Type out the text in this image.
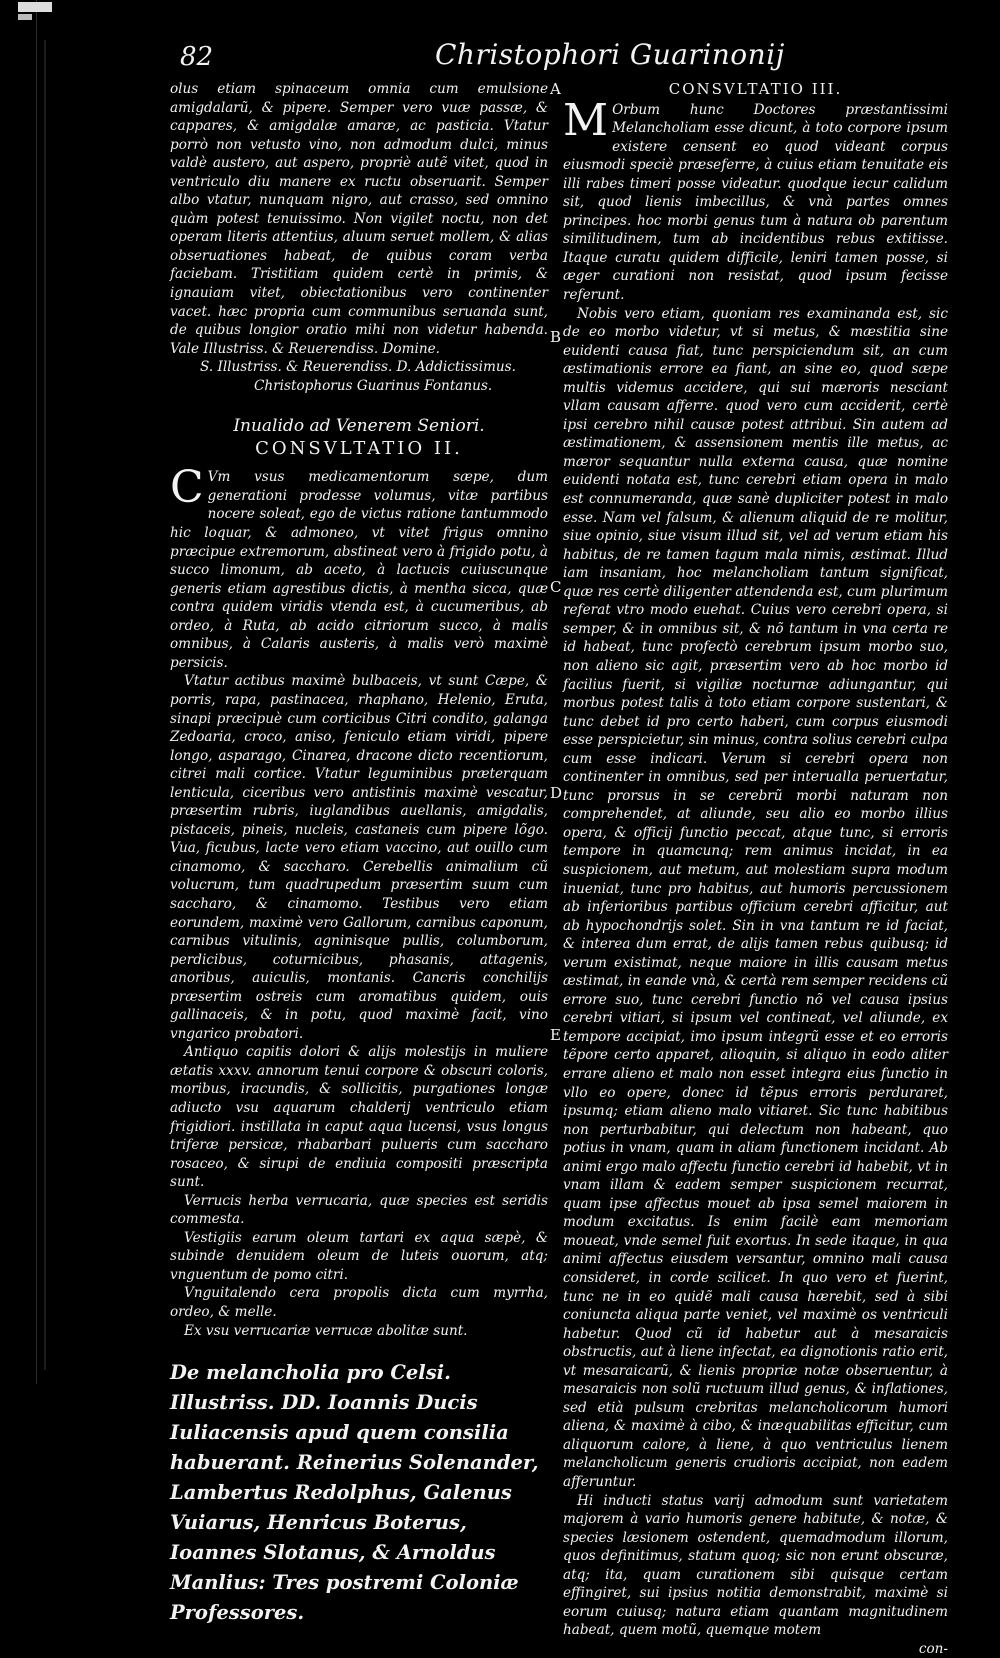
82	Christophori Guarinonij
A
B
C
D
E

olus etiam spinaceum omnia cum emulsione amigdalarũ, & pipere. Semper vero vuæ passæ, & cappares, & amigdalæ amaræ, ac pasticia. Vtatur porrò non vetusto vino, non admodum dulci, minus valdè austero, aut aspero, propriè autẽ vitet, quod in ventriculo diu manere ex ructu obseruarit. Semper albo vtatur, nunquam nigro, aut crasso, sed omnino quàm potest tenuissimo. Non vigilet noctu, non det operam literis attentius, aluum seruet mollem, & alias obseruationes habeat, de quibus coram verba faciebam. Tristitiam quidem certè in primis, & ignauiam vitet, obiectationibus vero continenter vacet. hæc propria cum communibus seruanda sunt, de quibus longior oratio mihi non videtur habenda. Vale Illustriss. & Reuerendiss. Domine.

S. Illustriss. & Reuerendiss. D. Addictissimus.

Christophorus Guarinus Fontanus.

Inualido ad Venerem Seniori.

CONSVLTATIO II.

C Vm vsus medicamentorum sæpe, dum generationi prodesse volumus, vitæ partibus nocere soleat, ego de victus ratione tantummodo hic loquar, & admoneo, vt vitet frigus omnino præcipue extremorum, abstineat vero à frigido potu, à succo limonum, ab aceto, à lactucis cuiuscunque generis etiam agrestibus dictis, à mentha sicca, quæ contra quidem viridis vtenda est, à cucumeribus, ab ordeo, à Ruta, ab acido citriorum succo, à malis omnibus, à Calaris austeris, à malis verò maximè persicis.

Vtatur actibus maximè bulbaceis, vt sunt Cæpe, & porris, rapa, pastinacea, rhaphano, Helenio, Eruta, sinapi præcipuè cum corticibus Citri condito, galanga Zedoaria, croco, aniso, feniculo etiam viridi, pipere longo, asparago, Cinarea, dracone dicto recentiorum, citrei mali cortice. Vtatur leguminibus præterquam lenticula, ciceribus vero antistinis maximè vescatur, præsertim rubris, iuglandibus auellanis, amigdalis, pistaceis, pineis, nucleis, castaneis cum pipere lõgo. Vua, ficubus, lacte vero etiam vaccino, aut ouillo cum cinamomo, & saccharo. Cerebellis animalium cũ volucrum, tum quadrupedum præsertim suum cum saccharo, & cinamomo. Testibus vero etiam eorundem, maximè vero Gallorum, carnibus caponum, carnibus vitulinis, agninisque pullis, columborum, perdicibus, coturnicibus, phasanis, attagenis, anoribus, auiculis, montanis. Cancris conchilijs præsertim ostreis cum aromatibus quidem, ouis gallinaceis, & in potu, quod maximè facit, vino vngarico probatori.

Antiquo capitis dolori & alijs molestijs in muliere ætatis xxxv. annorum tenui corpore & obscuri coloris, moribus, iracundis, & sollicitis, purgationes longæ adiucto vsu aquarum chalderij ventriculo etiam frigidiori. instillata in caput aqua lucensi, vsus longus triferæ persicæ, rhabarbari pulueris cum saccharo rosaceo, & sirupi de endiuia compositi præscripta sunt.

Verrucis herba verrucaria, quæ species est seridis commesta.

Vestigiis earum oleum tartari ex aqua sæpè, & subinde denuidem oleum de luteis ouorum, atq; vnguentum de pomo citri.

Vnguitalendo cera propolis dicta cum myrrha, ordeo, & melle.

Ex vsu verrucariæ verrucæ abolitæ sunt.

De melancholia pro Celsi. Illustriss. DD. Ioannis Ducis Iuliacensis apud quem consilia habuerant. Reinerius Solenander, Lambertus Redolphus, Galenus Vuiarus, Henricus Boterus, Ioannes Slotanus, & Arnoldus Manlius: Tres postremi Coloniæ Professores.

CONSVLTATIO III.

M Orbum hunc Doctores præstantissimi Melancholiam esse dicunt, à toto corpore ipsum existere censent eo quod videant corpus eiusmodi speciè præseferre, à cuius etiam tenuitate eis illi rabes timeri posse videatur. quodque iecur calidum sit, quod lienis imbecillus, & vnà partes omnes principes. hoc morbi genus tum à natura ob parentum similitudinem, tum ab incidentibus rebus extitisse. Itaque curatu quidem difficile, leniri tamen posse, si æger curationi non resistat, quod ipsum fecisse referunt.

Nobis vero etiam, quoniam res examinanda est, sic de eo morbo videtur, vt si metus, & mæstitia sine euidenti causa fiat, tunc perspiciendum sit, an cum æstimationis errore ea fiant, an sine eo, quod sæpe multis videmus accidere, qui sui mæroris nesciant vllam causam afferre. quod vero cum acciderit, certè ipsi cerebro nihil causæ potest attribui. Sin autem ad æstimationem, & assensionem mentis ille metus, ac mæror sequantur nulla externa causa, quæ nomine euidenti notata est, tunc cerebri etiam opera in malo est connumeranda, quæ sanè dupliciter potest in malo esse. Nam vel falsum, & alienum aliquid de re molitur, siue opinio, siue visum illud sit, vel ad verum etiam his habitus, de re tamen tagum mala nimis, æstimat. Illud iam insaniam, hoc melancholiam tantum significat, quæ res certè diligenter attendenda est, cum plurimum referat vtro modo euehat. Cuius vero cerebri opera, si semper, & in omnibus sit, & nõ tantum in vna certa re id habeat, tunc profectò cerebrum ipsum morbo suo, non alieno sic agit, præsertim vero ab hoc morbo id facilius fuerit, si vigiliæ nocturnæ adiungantur, qui morbus potest talis à toto etiam corpore sustentari, & tunc debet id pro certo haberi, cum corpus eiusmodi esse perspicietur, sin minus, contra solius cerebri culpa cum esse indicari. Verum si cerebri opera non continenter in omnibus, sed per interualla peruertatur, tunc prorsus in se cerebrũ morbi naturam non comprehendet, at aliunde, seu alio eo morbo illius opera, & officij functio peccat, atque tunc, si erroris tempore in quamcunq; rem animus incidat, in ea suspicionem, aut metum, aut molestiam supra modum inueniat, tunc pro habitus, aut humoris percussionem ab inferioribus partibus officium cerebri afficitur, aut ab hypochondrijs solet. Sin in vna tantum re id faciat, & interea dum errat, de alijs tamen rebus quibusq; id verum existimat, neque maiore in illis causam metus æstimat, in eande vnà, & certà rem semper recidens cũ errore suo, tunc cerebri functio nõ vel causa ipsius cerebri vitiari, si ipsum vel contineat, vel aliunde, ex tempore accipiat, imo ipsum integrũ esse et eo erroris tẽpore certo apparet, alioquin, si aliquo in eodo aliter errare alieno et malo non esset integra eius functio in vllo eo opere, donec id tẽpus erroris perduraret, ipsumq; etiam alieno malo vitiaret. Sic tunc habitibus non perturbabitur, qui delectum non habeant, quo potius in vnam, quam in aliam functionem incidant. Ab animi ergo malo affectu functio cerebri id habebit, vt in vnam illam & eadem semper suspicionem recurrat, quam ipse affectus mouet ab ipsa semel maiorem in modum excitatus. Is enim facilè eam memoriam moueat, vnde semel fuit exortus. In sede itaque, in qua animi affectus eiusdem versantur, omnino mali causa consideret, in corde scilicet. In quo vero et fuerint, tunc ne in eo quidẽ mali causa hærebit, sed à sibi coniuncta aliqua parte veniet, vel maximè os ventriculi habetur. Quod cũ id habetur aut à mesaraicis obstructis, aut à liene infectat, ea dignotionis ratio erit, vt mesaraicarũ, & lienis propriæ notæ obseruentur, à mesaraicis non solũ ructuum illud genus, & inflationes, sed etià pulsum crebritas melancholicorum humori aliena, & maximè à cibo, & inæquabilitas efficitur, cum aliquorum calore, à liene, à quo ventriculus lienem melancholicum generis crudioris accipiat, non eadem afferuntur.

Hi inducti status varij admodum sunt varietatem majorem à vario humoris genere habitute, & notæ, & species læsionem ostendent, quemadmodum illorum, quos definitimus, statum quoq; sic non erunt obscuræ, atq; ita, quam curationem sibi quisque certam effingiret, sui ipsius notitia demonstrabit, maximè si eorum cuiusq; natura etiam quantam magnitudinem habeat, quem motũ, quemque motem

con-
